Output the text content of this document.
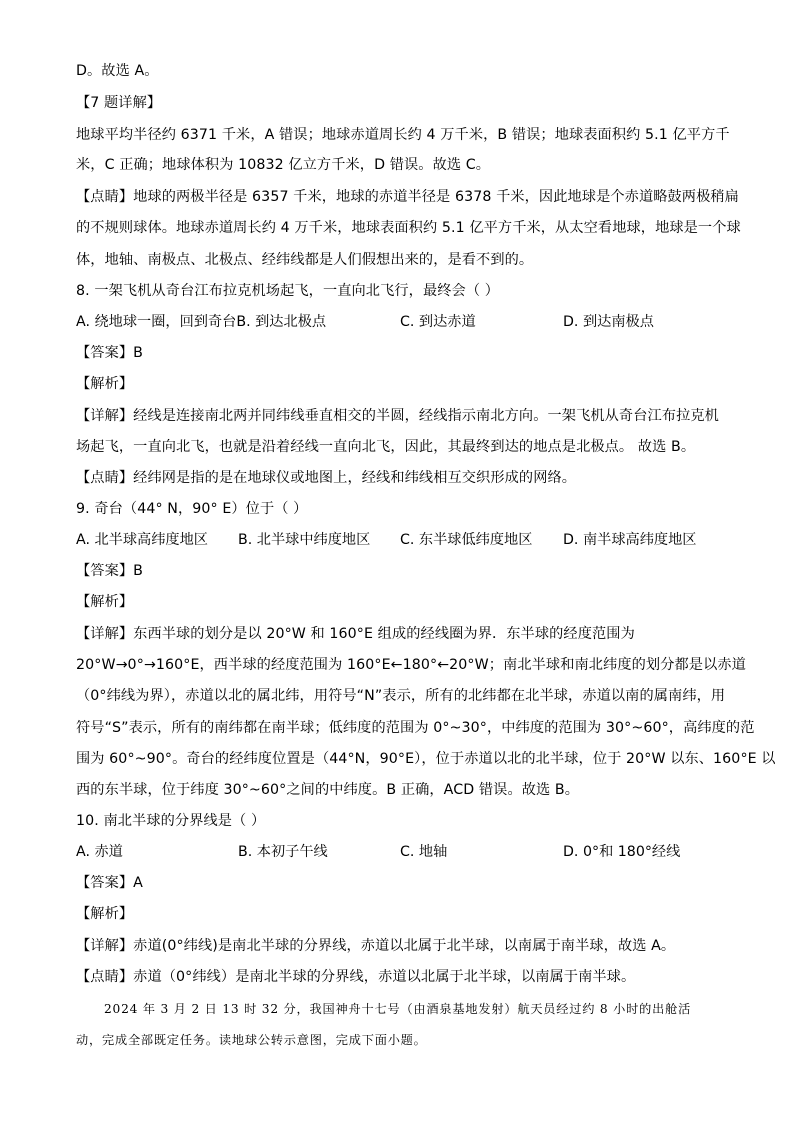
D。故选 A。
【7 题详解】
地球平均半径约 6371 千米，A 错误；地球赤道周长约 4 万千米，B 错误；地球表面积约 5.1 亿平方千
米，C 正确；地球体积为 10832 亿立方千米，D 错误。故选 C。
【点睛】地球的两极半径是 6357 千米，地球的赤道半径是 6378 千米，因此地球是个赤道略鼓两极稍扁
的不规则球体。地球赤道周长约 4 万千米，地球表面积约 5.1 亿平方千米，从太空看地球，地球是一个球
体，地轴、南极点、北极点、经纬线都是人们假想出来的，是看不到的。
8. 一架飞机从奇台江布拉克机场起飞，一直向北飞行，最终会（ ）
A. 绕地球一圈，回到奇台B. 到达北极点	C. 到达赤道	D. 到达南极点
【答案】B
【解析】
【详解】经线是连接南北两并同纬线垂直相交的半圆，经线指示南北方向。一架飞机从奇台江布拉克机
场起飞，一直向北飞，也就是沿着经线一直向北飞，因此，其最终到达的地点是北极点。 故选 B。
【点睛】经纬网是指的是在地球仪或地图上，经线和纬线相互交织形成的网络。
9. 奇台（44° N，90° E）位于（ ）
A. 北半球高纬度地区 B. 北半球中纬度地区 C. 东半球低纬度地区 D. 南半球高纬度地区
【答案】B
【解析】
【详解】东西半球的划分是以 20°W 和 160°E 组成的经线圈为界．东半球的经度范围为
20°W→0°→160°E，西半球的经度范围为 160°E←180°←20°W；南北半球和南北纬度的划分都是以赤道
（0°纬线为界），赤道以北的属北纬，用符号“N”表示，所有的北纬都在北半球，赤道以南的属南纬，用
符号“S”表示，所有的南纬都在南半球；低纬度的范围为 0°~30°，中纬度的范围为 30°~60°，高纬度的范
围为 60°~90°。奇台的经纬度位置是（44°N，90°E），位于赤道以北的北半球，位于 20°W 以东、160°E 以
西的东半球，位于纬度 30°~60°之间的中纬度。B 正确，ACD 错误。故选 B。
10. 南北半球的分界线是（ ）
A. 赤道	B. 本初子午线	C. 地轴	D. 0°和 180°经线
【答案】A
【解析】
【详解】赤道(0°纬线)是南北半球的分界线，赤道以北属于北半球，以南属于南半球，故选 A。
【点睛】赤道（0°纬线）是南北半球的分界线，赤道以北属于北半球，以南属于南半球。
2024 年 3 月 2 日 13 时 32 分，我国神舟十七号（由酒泉基地发射）航天员经过约 8 小时的出舱活
动，完成全部既定任务。读地球公转示意图，完成下面小题。
